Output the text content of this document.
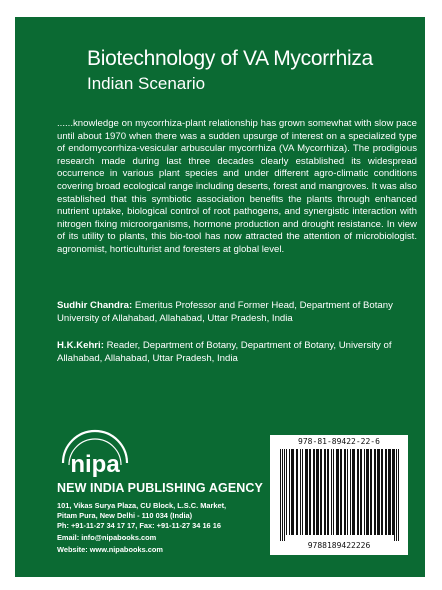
Biotechnology of VA Mycorrhiza
Indian Scenario

......knowledge on mycorrhiza-plant relationship has grown somewhat with slow pace until about 1970 when there was a sudden upsurge of interest on a specialized type of endomycorrhiza-vesicular arbuscular mycorrhiza (VA Mycorrhiza). The prodigious research made during last three decades clearly established its widespread occurrence in various plant species and under different agro-climatic conditions covering broad ecological range including deserts, forest and mangroves. It was also established that this symbiotic association benefits the plants through enhanced nutrient uptake, biological control of root pathogens, and synergistic interaction with nitrogen fixing microorganisms, hormone production and drought resistance. In view of its utility to plants, this bio-tool has now attracted the attention of microbiologist. agronomist, horticulturist and foresters at global level.

Sudhir Chandra: Emeritus Professor and Former Head, Department of Botany University of Allahabad, Allahabad, Uttar Pradesh, India

H.K.Kehri: Reader, Department of Botany, Department of Botany, University of Allahabad, Allahabad, Uttar Pradesh, India

nipa

NEW INDIA PUBLISHING AGENCY

101, Vikas Surya Plaza, CU Block, L.S.C. Market,

Pitam Pura, New Delhi - 110 034 (India)

Ph: +91-11-27 34 17 17, Fax: +91-11-27 34 16 16

Email: info@nipabooks.com

Website: www.nipabooks.com

978-81-89422-22-6
9788189422226
